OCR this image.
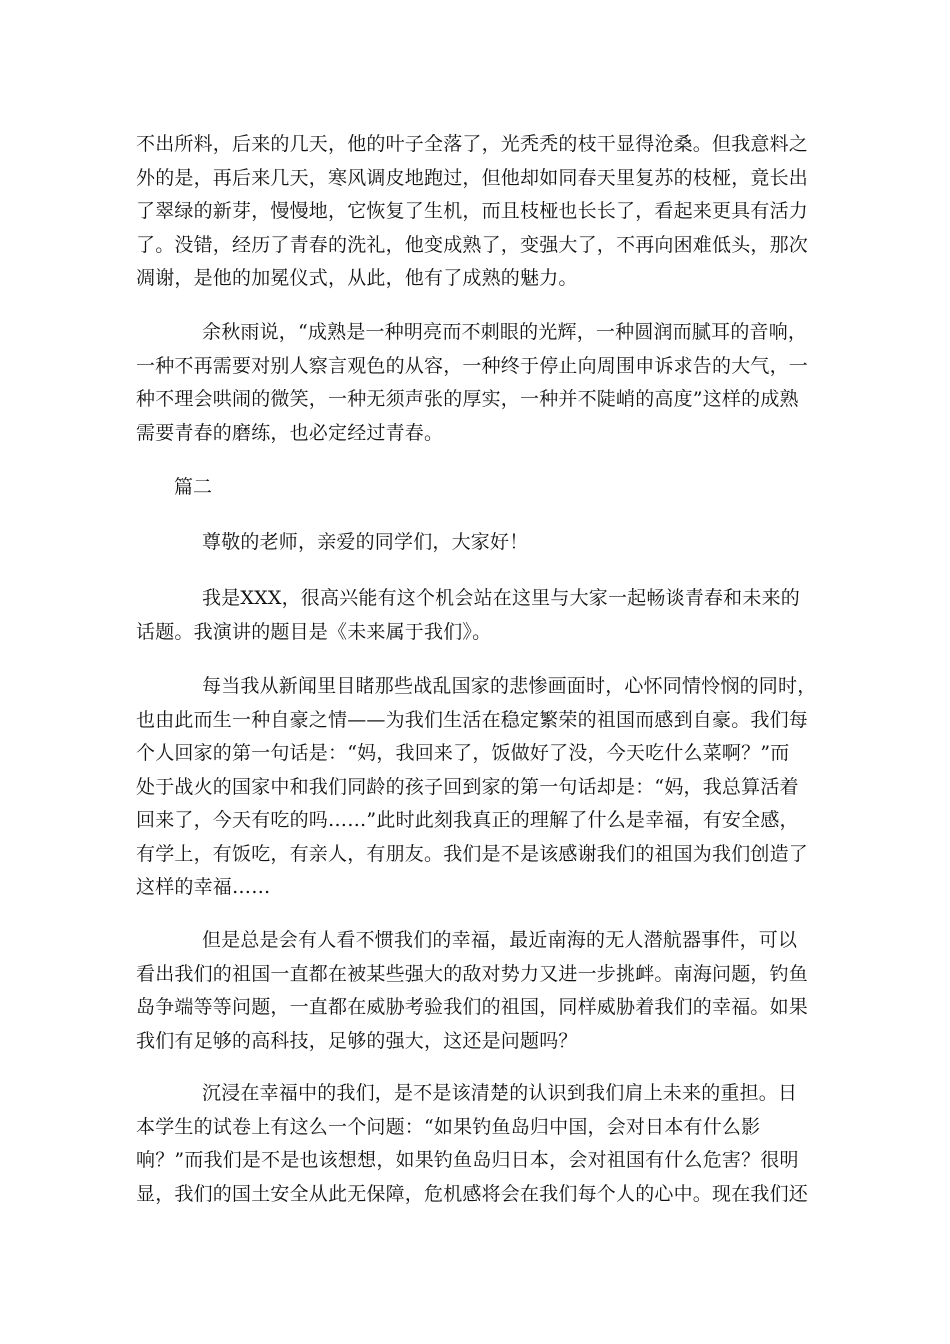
不出所料，后来的几天，他的叶子全落了，光秃秃的枝干显得沧桑。但我意料之
外的是，再后来几天，寒风调皮地跑过，但他却如同春天里复苏的枝桠，竟长出
了翠绿的新芽，慢慢地，它恢复了生机，而且枝桠也长长了，看起来更具有活力
了。没错，经历了青春的洗礼，他变成熟了，变强大了，不再向困难低头，那次
凋谢，是他的加冕仪式，从此，他有了成熟的魅力。
余秋雨说，“成熟是一种明亮而不刺眼的光辉，一种圆润而腻耳的音响，
一种不再需要对别人察言观色的从容，一种终于停止向周围申诉求告的大气，一
种不理会哄闹的微笑，一种无须声张的厚实，一种并不陡峭的高度”这样的成熟
需要青春的磨练，也必定经过青春。

篇二

尊敬的老师，亲爱的同学们，大家好！
我是XXX，很高兴能有这个机会站在这里与大家一起畅谈青春和未来的
话题。我演讲的题目是《未来属于我们》。
每当我从新闻里目睹那些战乱国家的悲惨画面时，心怀同情怜悯的同时，
也由此而生一种自豪之情——为我们生活在稳定繁荣的祖国而感到自豪。我们每
个人回家的第一句话是：“妈，我回来了，饭做好了没，今天吃什么菜啊？”而
处于战火的国家中和我们同龄的孩子回到家的第一句话却是：“妈，我总算活着
回来了，今天有吃的吗……”此时此刻我真正的理解了什么是幸福，有安全感，
有学上，有饭吃，有亲人，有朋友。我们是不是该感谢我们的祖国为我们创造了
这样的幸福……
但是总是会有人看不惯我们的幸福，最近南海的无人潜航器事件，可以
看出我们的祖国一直都在被某些强大的敌对势力又进一步挑衅。南海问题，钓鱼
岛争端等等问题，一直都在威胁考验我们的祖国，同样威胁着我们的幸福。如果
我们有足够的高科技，足够的强大，这还是问题吗？
沉浸在幸福中的我们，是不是该清楚的认识到我们肩上未来的重担。日
本学生的试卷上有这么一个问题：“如果钓鱼岛归中国，会对日本有什么影
响？”而我们是不是也该想想，如果钓鱼岛归日本，会对祖国有什么危害？很明
显，我们的国土安全从此无保障，危机感将会在我们每个人的心中。现在我们还
